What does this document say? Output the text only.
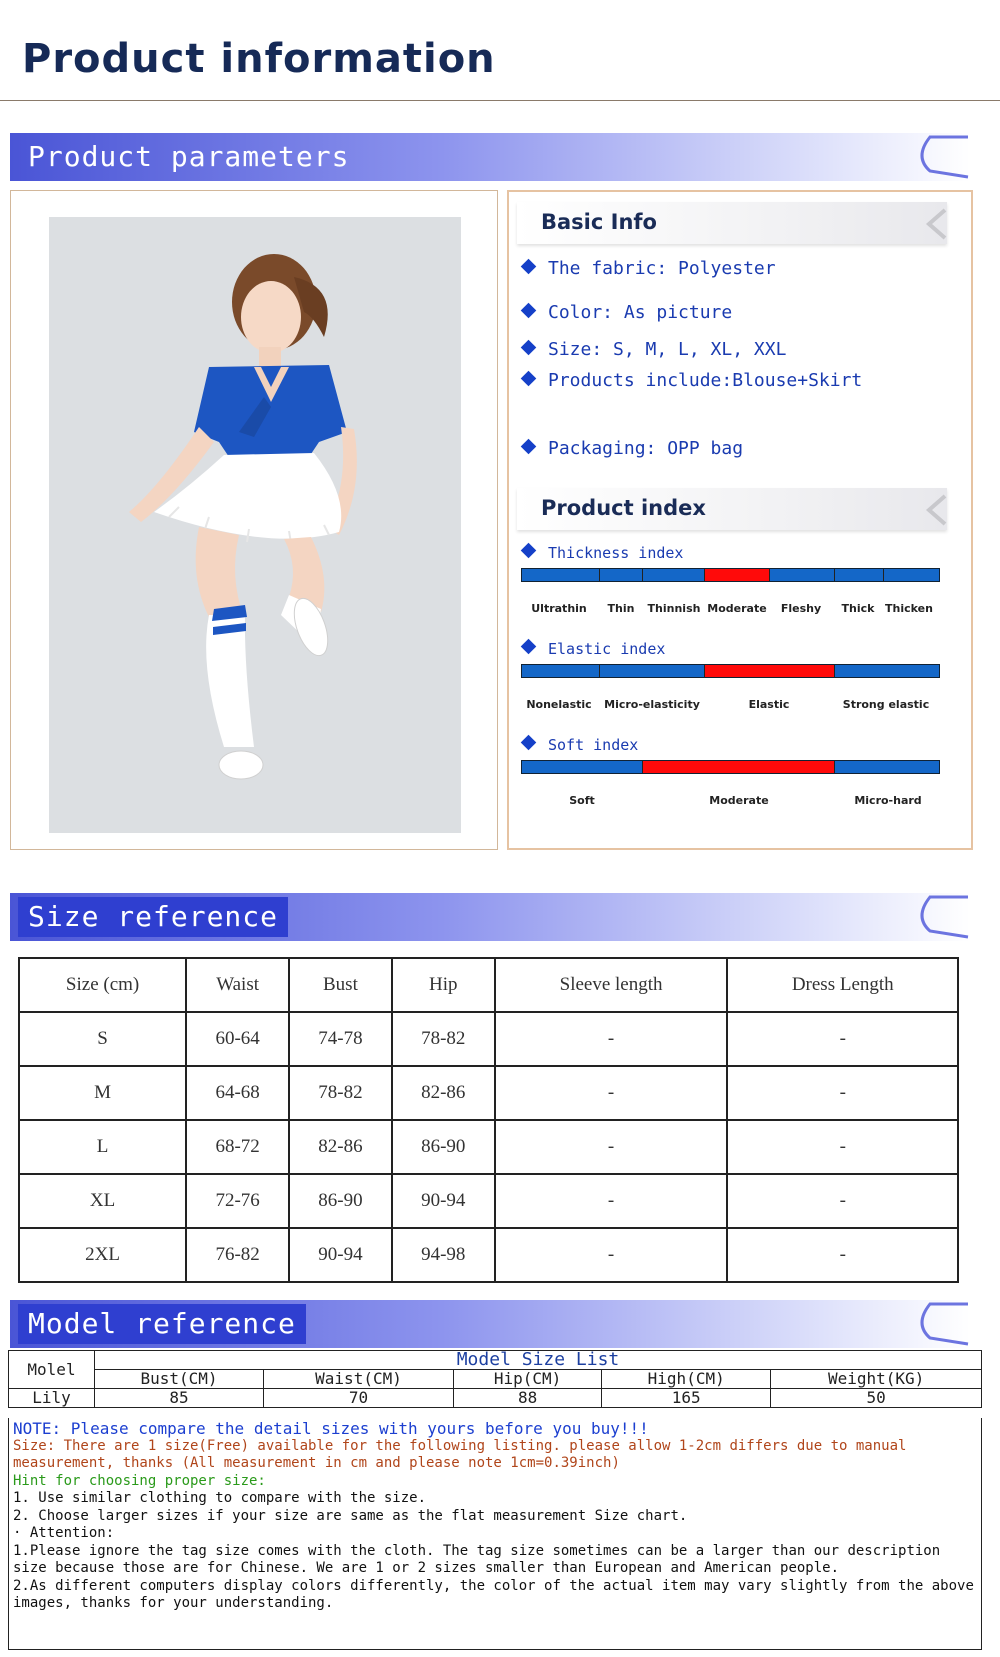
Product information
Product parameters
Basic Info
The fabric: Polyester
Color: As picture
Size: S, M, L, XL, XXL
Products include:Blouse+Skirt
Packaging: OPP bag
Product index
Thickness index
Ultrathin Thin Thinnish Moderate Fleshy Thick Thicken
Elastic index
Nonelastic Micro-elasticity	Elastic	Strong elastic
Soft index
Soft	Moderate	Micro-hard
Size reference
Size (cm)	Waist	Bust	Hip	Sleeve length	Dress Length
S	60-64	74-78	78-82	-	-
M	64-68	78-82	82-86	-	-
L	68-72	82-86	86-90	-	-
XL	72-76	86-90	90-94	-	-
2XL	76-82	90-94	94-98	-	-
Model reference
Molel	Model Size List				
	Bust(CM)	Waist(CM)	Hip(CM)	High(CM)	Weight(KG)
Lily	85	70	88	165	50
NOTE: Please compare the detail sizes with yours before you buy!!!
Size: There are 1 size(Free) available for the following listing. please allow 1-2cm differs due to manual measurement, thanks (All measurement in cm and please note 1cm=0.39inch)
Hint for choosing proper size:
1. Use similar clothing to compare with the size.
2. Choose larger sizes if your size are same as the flat measurement Size chart.
· Attention:
1.Please ignore the tag size comes with the cloth. The tag size sometimes can be a larger than our description size because those are for Chinese. We are 1 or 2 sizes smaller than European and American people.
2.As different computers display colors differently, the color of the actual item may vary slightly from the above images, thanks for your understanding.
